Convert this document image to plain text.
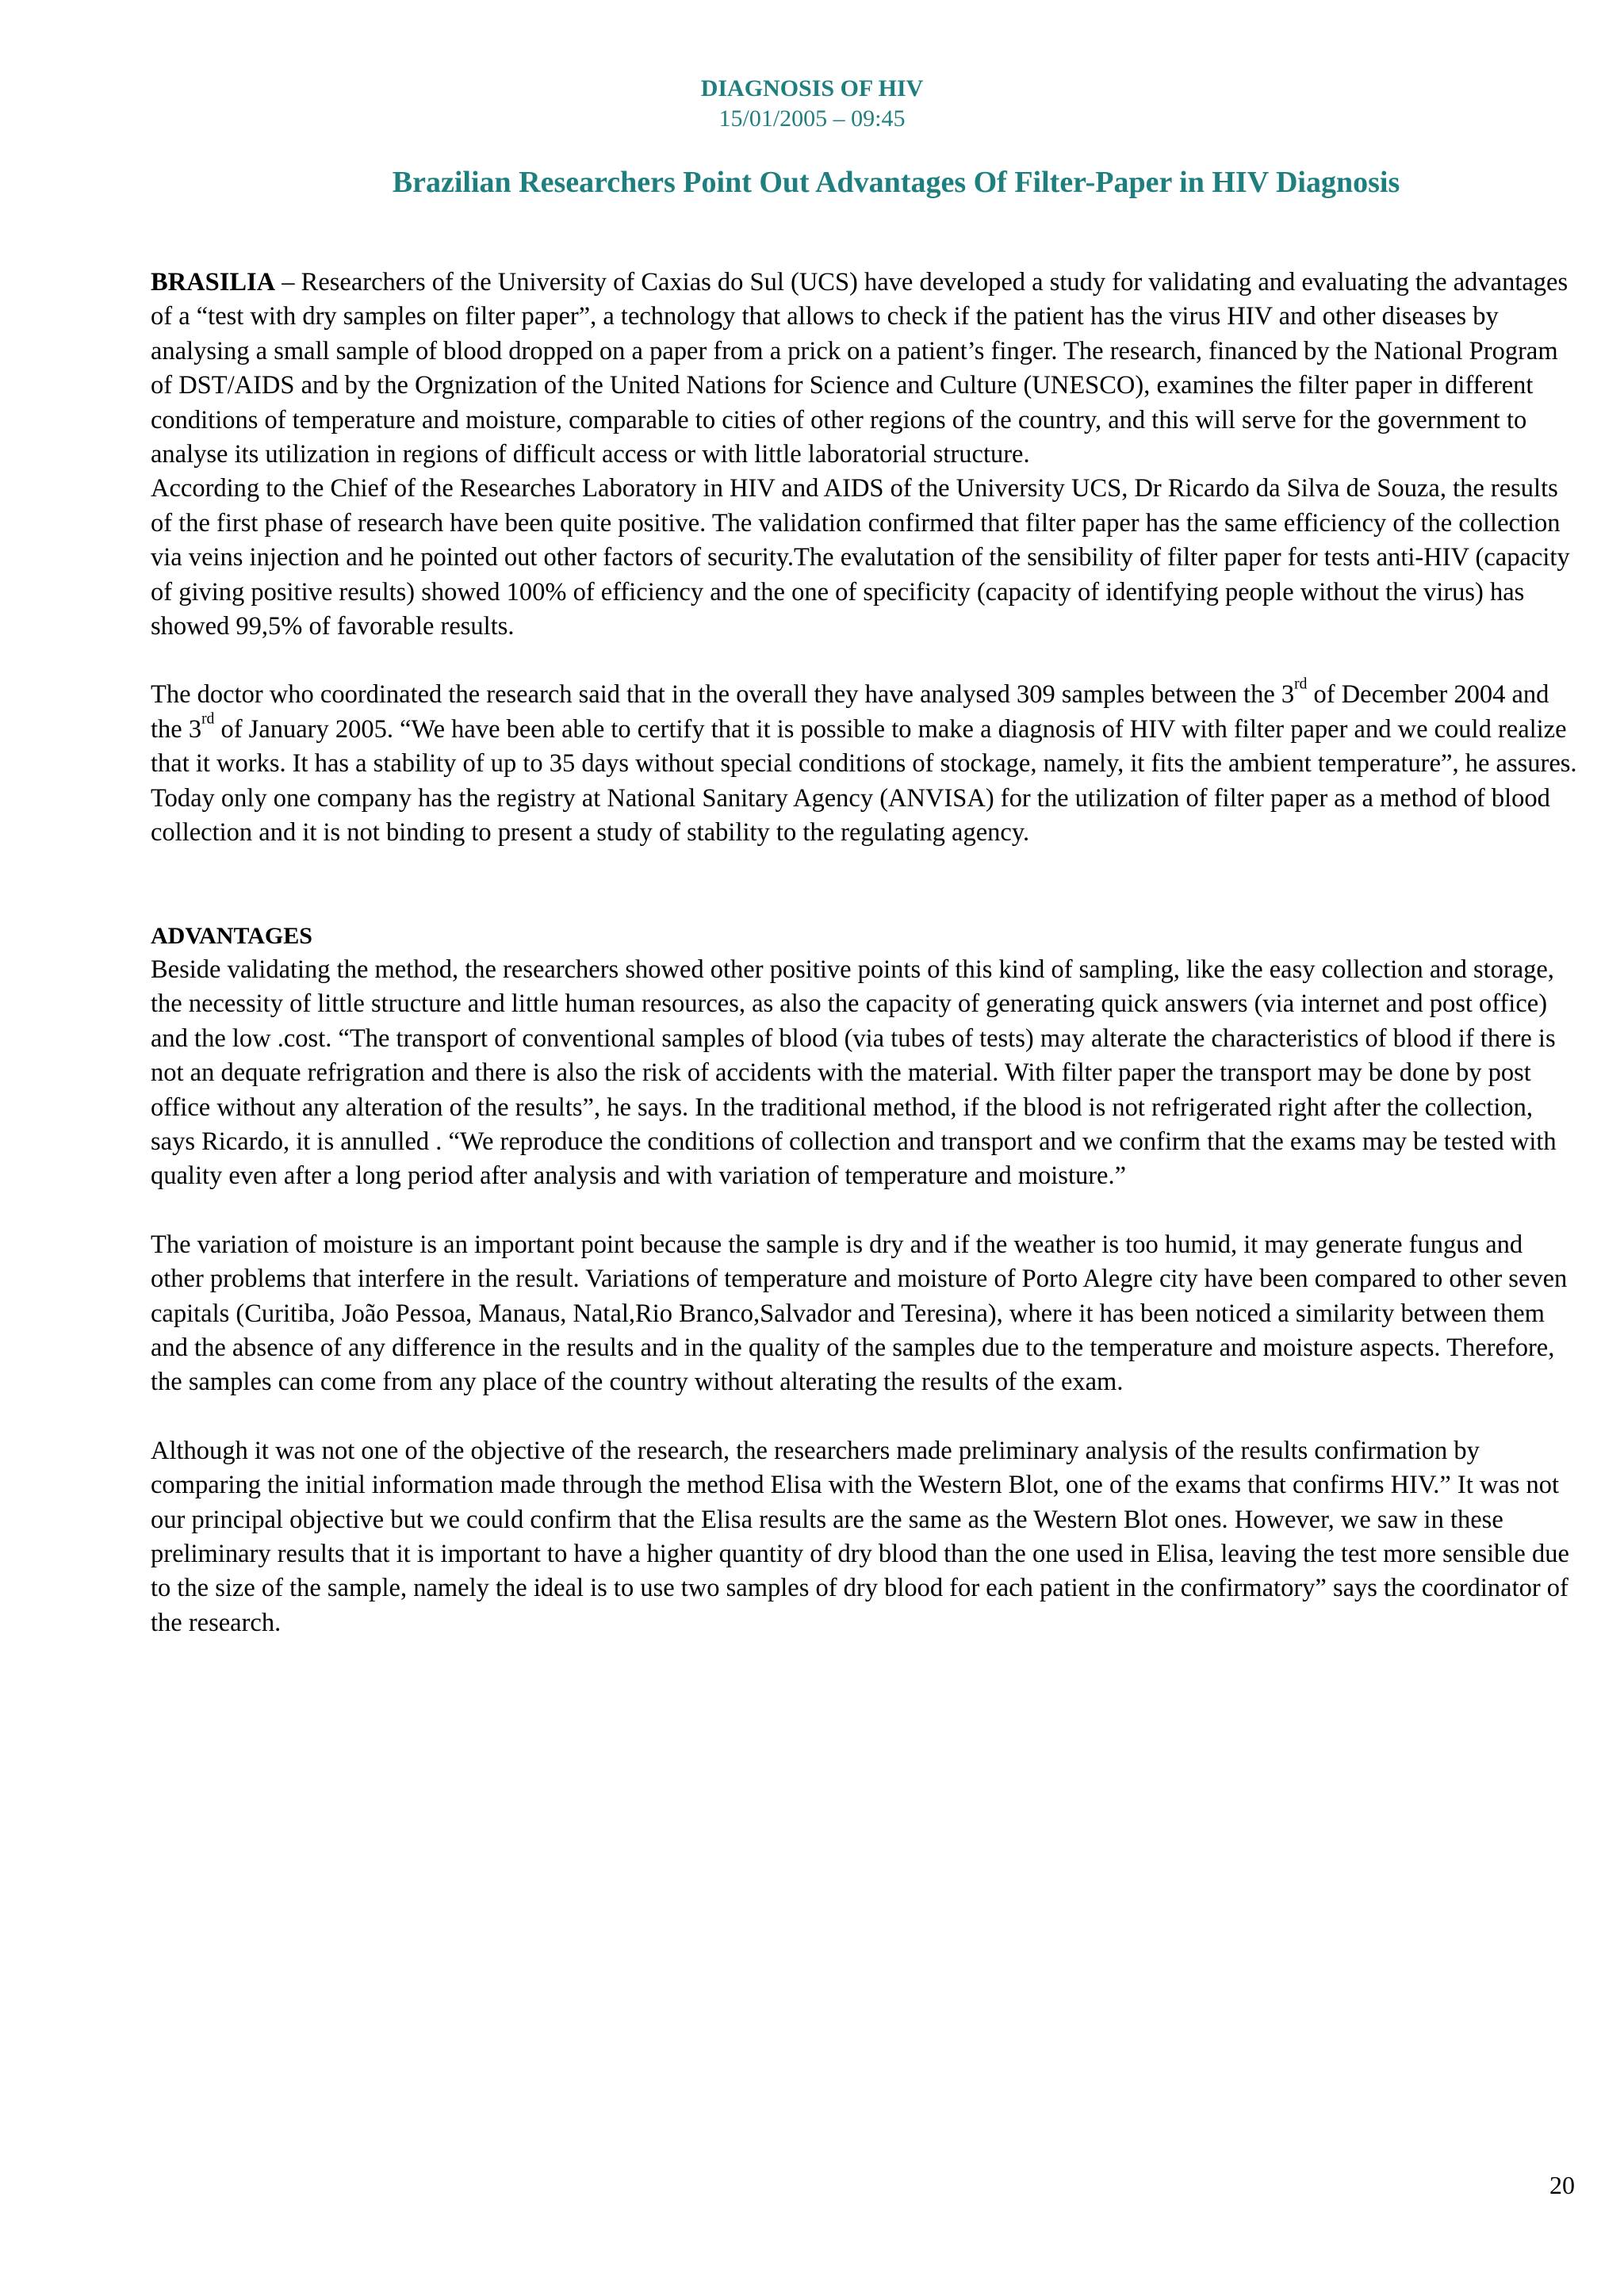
DIAGNOSIS OF HIV
15/01/2005 – 09:45
Brazilian Researchers Point Out Advantages Of Filter-Paper in HIV Diagnosis

BRASILIA – Researchers of the University of Caxias do Sul (UCS) have developed a study for validating and evaluating the advantages of a “test with dry samples on filter paper”, a technology that allows to check if the patient has the virus HIV and other diseases by analysing a small sample of blood dropped on a paper from a prick on a patient’s finger. The research, financed by the National Program of DST/AIDS and by the Orgnization of the United Nations for Science and Culture (UNESCO), examines the filter paper in different conditions of temperature and moisture, comparable to cities of other regions of the country, and this will serve for the government to analyse its utilization in regions of difficult access or with little laboratorial structure.

According to the Chief of the Researches Laboratory in HIV and AIDS of the University UCS, Dr Ricardo da Silva de Souza, the results of the first phase of research have been quite positive. The validation confirmed that filter paper has the same efficiency of the collection via veins injection and he pointed out other factors of security.The evalutation of the sensibility of filter paper for tests anti-HIV (capacity of giving positive results) showed 100% of efficiency and the one of specificity (capacity of identifying people without the virus) has showed 99,5% of favorable results.

The doctor who coordinated the research said that in the overall they have analysed 309 samples between the 3rd of December 2004 and the 3rd of January 2005. “We have been able to certify that it is possible to make a diagnosis of HIV with filter paper and we could realize that it works. It has a stability of up to 35 days without special conditions of stockage, namely, it fits the ambient temperature”, he assures. Today only one company has the registry at National Sanitary Agency (ANVISA) for the utilization of filter paper as a method of blood collection and it is not binding to present a study of stability to the regulating agency.

ADVANTAGES

Beside validating the method, the researchers showed other positive points of this kind of sampling, like the easy collection and storage, the necessity of little structure and little human resources, as also the capacity of generating quick answers (via internet and post office) and the low .cost. “The transport of conventional samples of blood (via tubes of tests) may alterate the characteristics of blood if there is not an dequate refrigration and there is also the risk of accidents with the material. With filter paper the transport may be done by post office without any alteration of the results”, he says. In the traditional method, if the blood is not refrigerated right after the collection, says Ricardo, it is annulled . “We reproduce the conditions of collection and transport and we confirm that the exams may be tested with quality even after a long period after analysis and with variation of temperature and moisture.”

The variation of moisture is an important point because the sample is dry and if the weather is too humid, it may generate fungus and other problems that interfere in the result. Variations of temperature and moisture of Porto Alegre city have been compared to other seven capitals (Curitiba, João Pessoa, Manaus, Natal,Rio Branco,Salvador and Teresina), where it has been noticed a similarity between them and the absence of any difference in the results and in the quality of the samples due to the temperature and moisture aspects. Therefore, the samples can come from any place of the country without alterating the results of the exam.

Although it was not one of the objective of the research, the researchers made preliminary analysis of the results confirmation by comparing the initial information made through the method Elisa with the Western Blot, one of the exams that confirms HIV.” It was not our principal objective but we could confirm that the Elisa results are the same as the Western Blot ones. However, we saw in these preliminary results that it is important to have a higher quantity of dry blood than the one used in Elisa, leaving the test more sensible due to the size of the sample, namely the ideal is to use two samples of dry blood for each patient in the confirmatory” says the coordinator of the research.

20
